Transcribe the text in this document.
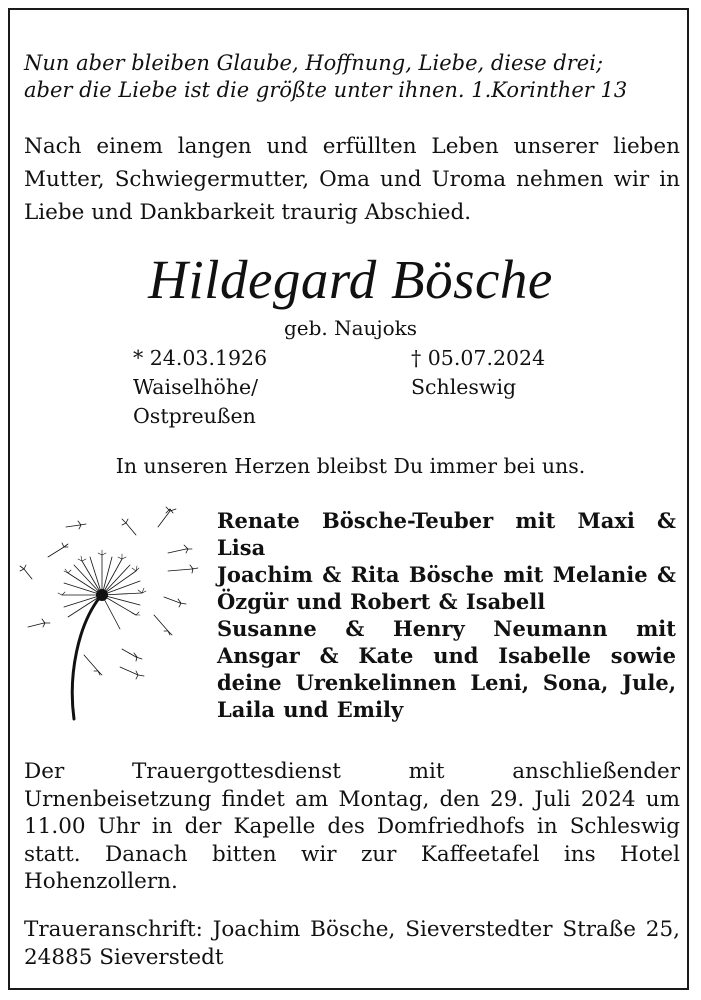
Nun aber bleiben Glaube, Hoffnung, Liebe, diese drei;
aber die Liebe ist die größte unter ihnen. 1.Korinther 13
Nach einem langen und erfüllten Leben unserer lieben Mutter, Schwiegermutter, Oma und Uroma nehmen wir in Liebe und Dankbarkeit traurig Abschied.
Hildegard Bösche
geb. Naujoks
* 24.03.1926
Waiselhöhe/
Ostpreußen
† 05.07.2024
Schleswig
In unseren Herzen bleibst Du immer bei uns.
Renate Bösche-Teuber mit Maxi & Lisa
Joachim & Rita Bösche mit Melanie & Özgür und Robert & Isabell
Susanne & Henry Neumann mit Ansgar & Kate und Isabelle sowie deine Urenkelinnen Leni, Sona, Jule, Laila und Emily
Der Trauergottesdienst mit anschließender Urnenbeisetzung findet am Montag, den 29. Juli 2024 um 11.00 Uhr in der Kapelle des Domfriedhofs in Schleswig statt. Danach bitten wir zur Kaffeetafel ins Hotel Hohenzollern.
Traueranschrift: Joachim Bösche, Sieverstedter Straße 25, 24885 Sieverstedt
